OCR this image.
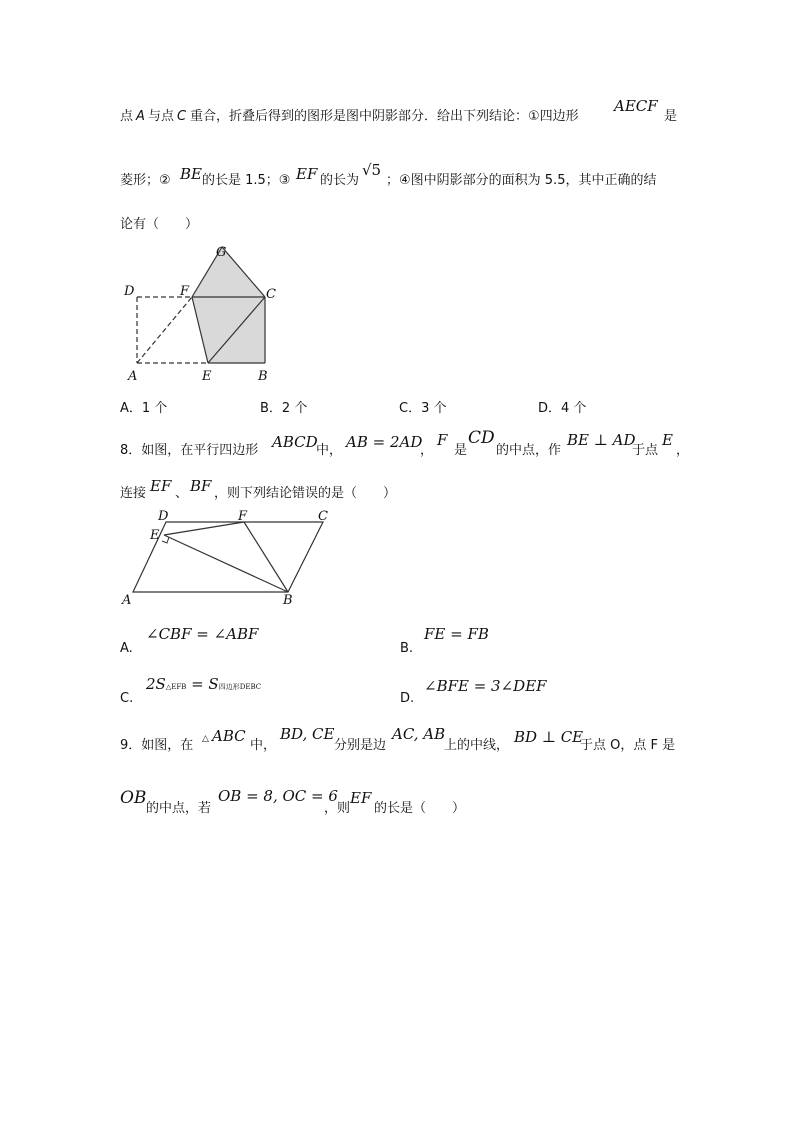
点 A 与点 C 重合，折叠后得到的图形是图中阴影部分．给出下列结论：①四边形
AECF
是
菱形；② BE 的长是 1.5；③ EF 的长为
√5
；④图中阴影部分的面积为 5.5，其中正确的结
论有（　　）
G
D	F	C
A	E	B
A．1 个	B．2 个	C．3 个	D．4 个
8．如图，在平行四边形 ABCD
中， AB = 2AD
，
F
是
CD
的中点，作
BE ⊥ AD
于点
E
，
连接 EF 、 BF ，则下列结论错误的是（　　）
D	F	C
E
A	B
A.
∠CBF = ∠ABF
B.
FE = FB
C.
2S△EFB = S四边形DEBC
D.
∠BFE = 3∠DEF
9．如图，在 △ ABC
中，
BD, CE
分别是边
AC, AB
上的中线， BD ⊥ CE
于点 O，点 F 是
OB
的中点，若
OB = 8, OC = 6
，则
EF
的长是（　　）
